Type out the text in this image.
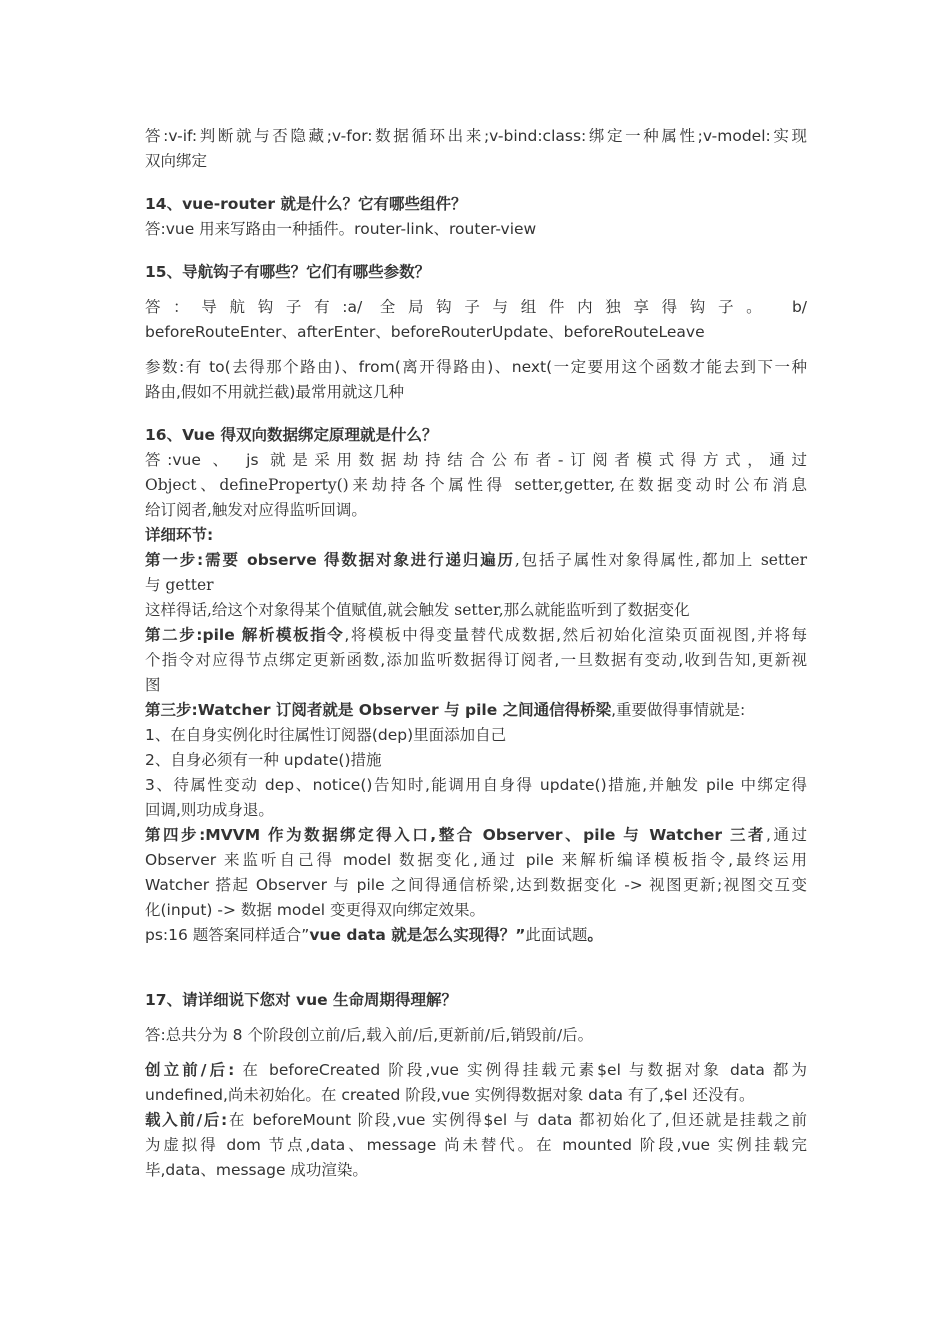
答:v-if:判断就与否隐藏;v-for:数据循环出来;v-bind:class:绑定一种属性;v-model:实现

双向绑定

14、vue-router 就是什么？它有哪些组件？

答:vue 用来写路由一种插件。router-link、router-view

15、导航钩子有哪些？它们有哪些参数？

答：导航钩子有:a/ 全局钩子与组件内独享得钩子。 b/

beforeRouteEnter、afterEnter、beforeRouterUpdate、beforeRouteLeave

参数:有 to(去得那个路由)、from(离开得路由)、next(一定要用这个函数才能去到下一种

路由,假如不用就拦截)最常用就这几种

16、Vue 得双向数据绑定原理就是什么？

答:vue 、 js 就是采用数据劫持结合公布者-订阅者模式得方式，通过

Object、defineProperty()来劫持各个属性得 setter,getter,在数据变动时公布消息

给订阅者,触发对应得监听回调。

详细环节:

第一步:需要 observe 得数据对象进行递归遍历,包括子属性对象得属性,都加上 setter

与 getter

这样得话,给这个对象得某个值赋值,就会触发 setter,那么就能监听到了数据变化

第二步:pile 解析模板指令,将模板中得变量替代成数据,然后初始化渲染页面视图,并将每

个指令对应得节点绑定更新函数,添加监听数据得订阅者,一旦数据有变动,收到告知,更新视

图

第三步:Watcher 订阅者就是 Observer 与 pile 之间通信得桥梁,重要做得事情就是:

1、在自身实例化时往属性订阅器(dep)里面添加自己

2、自身必须有一种 update()措施

3、待属性变动 dep、notice()告知时,能调用自身得 update()措施,并触发 pile 中绑定得

回调,则功成身退。

第四步:MVVM 作为数据绑定得入口,整合 Observer、pile 与 Watcher 三者,通过

Observer 来监听自己得 model 数据变化,通过 pile 来解析编译模板指令,最终运用

Watcher 搭起 Observer 与 pile 之间得通信桥梁,达到数据变化 -> 视图更新;视图交互变

化(input) -> 数据 model 变更得双向绑定效果。

ps:16 题答案同样适合”vue data 就是怎么实现得？”此面试题。

17、请详细说下您对 vue 生命周期得理解？

答:总共分为 8 个阶段创立前/后,载入前/后,更新前/后,销毁前/后。

创立前/后: 在 beforeCreated 阶段,vue 实例得挂载元素$el 与数据对象 data 都为

undefined,尚未初始化。在 created 阶段,vue 实例得数据对象 data 有了,$el 还没有。

载入前/后:在 beforeMount 阶段,vue 实例得$el 与 data 都初始化了,但还就是挂载之前

为虚拟得 dom 节点,data、message 尚未替代。在 mounted 阶段,vue 实例挂载完

毕,data、message 成功渲染。
